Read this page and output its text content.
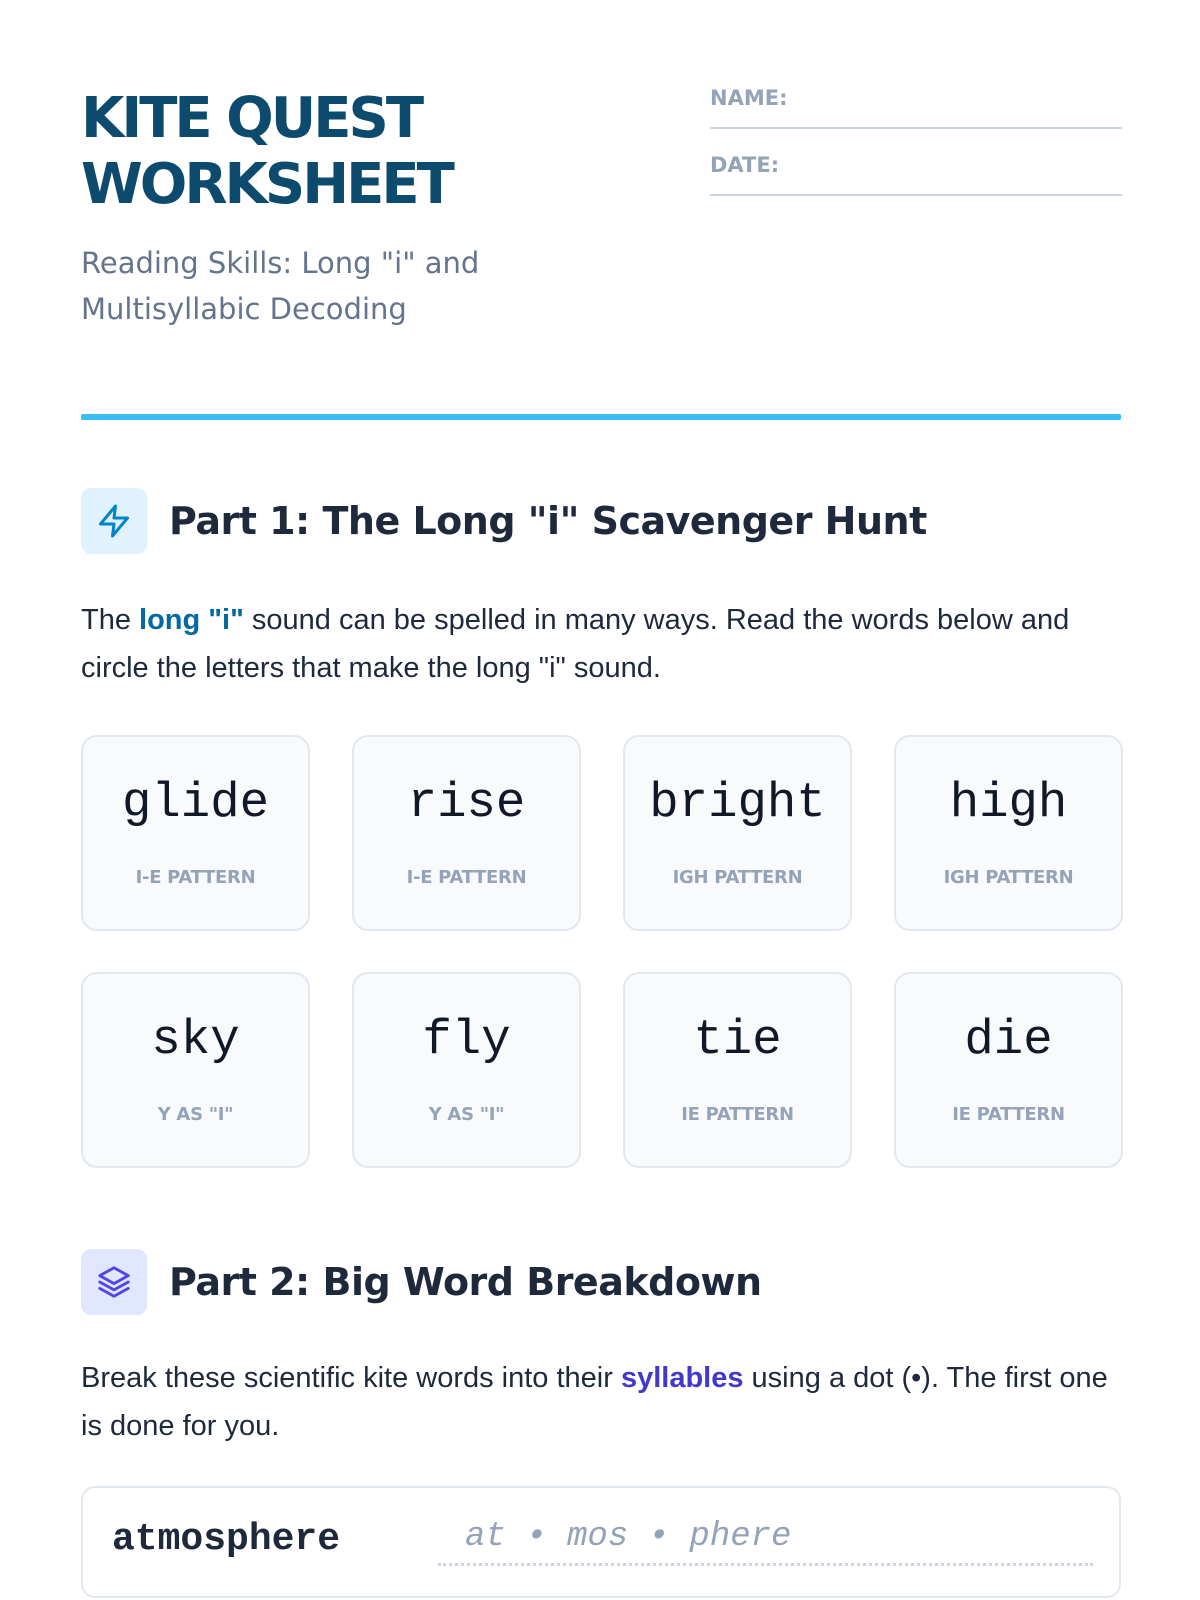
KITE QUEST
WORKSHEET
Reading Skills: Long "i" and
Multisyllabic Decoding
NAME:
DATE:
Part 1: The Long "i" Scavenger Hunt
The long "i" sound can be spelled in many ways. Read the words below and circle the letters that make the long "i" sound.
glide
I-E PATTERN
rise
I-E PATTERN
bright
IGH PATTERN
high
IGH PATTERN
sky
Y AS "I"
fly
Y AS "I"
tie
IE PATTERN
die
IE PATTERN
Part 2: Big Word Breakdown
Break these scientific kite words into their syllables using a dot (•). The first one is done for you.
atmosphere	at • mos • phere
